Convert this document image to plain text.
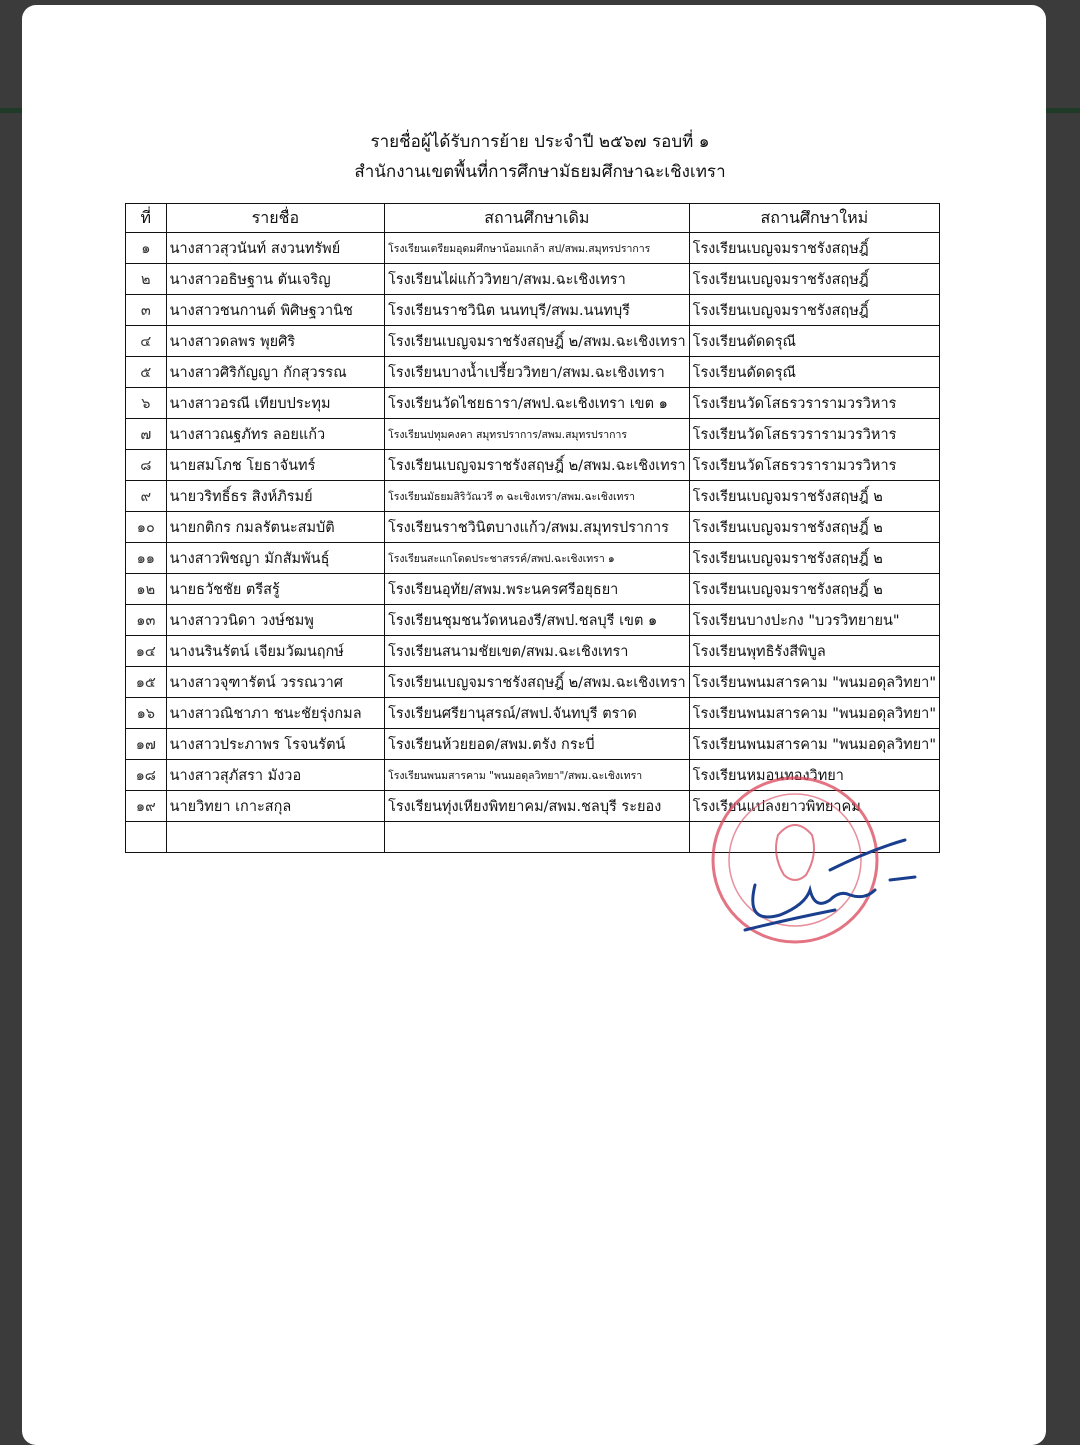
รายชื่อผู้ได้รับการย้าย ประจำปี ๒๕๖๗ รอบที่ ๑
สำนักงานเขตพื้นที่การศึกษามัธยมศึกษาฉะเชิงเทรา
ที่	รายชื่อ	สถานศึกษาเดิม	สถานศึกษาใหม่
๑	นางสาวสุวนันท์ สงวนทรัพย์	โรงเรียนเตรียมอุดมศึกษาน้อมเกล้า สป/สพม.สมุทรปราการ	โรงเรียนเบญจมราชรังสฤษฎิ์
๒	นางสาวอธิษฐาน ตันเจริญ	โรงเรียนไผ่แก้ววิทยา/สพม.ฉะเชิงเทรา	โรงเรียนเบญจมราชรังสฤษฎิ์
๓	นางสาวชนกานต์ พิศิษฐวานิช	โรงเรียนราชวินิต นนทบุรี/สพม.นนทบุรี	โรงเรียนเบญจมราชรังสฤษฎิ์
๔	นางสาวดลพร พุยศิริ	โรงเรียนเบญจมราชรังสฤษฎิ์ ๒/สพม.ฉะเชิงเทรา	โรงเรียนดัดดรุณี
๕	นางสาวศิริกัญญา กักสุวรรณ	โรงเรียนบางน้ำเปรี้ยววิทยา/สพม.ฉะเชิงเทรา	โรงเรียนดัดดรุณี
๖	นางสาวอรณี เทียบประทุม	โรงเรียนวัดไชยธารา/สพป.ฉะเชิงเทรา เขต ๑	โรงเรียนวัดโสธรวรารามวรวิหาร
๗	นางสาวณฐภัทร ลอยแก้ว	โรงเรียนปทุมคงคา สมุทรปราการ/สพม.สมุทรปราการ	โรงเรียนวัดโสธรวรารามวรวิหาร
๘	นายสมโภช โยธาจันทร์	โรงเรียนเบญจมราชรังสฤษฎิ์ ๒/สพม.ฉะเชิงเทรา	โรงเรียนวัดโสธรวรารามวรวิหาร
๙	นายวริทธิ์ธร สิงห์ภิรมย์	โรงเรียนมัธยมสิริวัณวรี ๓ ฉะเชิงเทรา/สพม.ฉะเชิงเทรา	โรงเรียนเบญจมราชรังสฤษฎิ์ ๒
๑๐	นายกติกร กมลรัตนะสมบัติ	โรงเรียนราชวินิตบางแก้ว/สพม.สมุทรปราการ	โรงเรียนเบญจมราชรังสฤษฎิ์ ๒
๑๑	นางสาวพิชญา มักสัมพันธุ์	โรงเรียนสะแกโดดประชาสรรค์/สพป.ฉะเชิงเทรา ๑	โรงเรียนเบญจมราชรังสฤษฎิ์ ๒
๑๒	นายธวัชชัย ตรีสรู้	โรงเรียนอุทัย/สพม.พระนครศรีอยุธยา	โรงเรียนเบญจมราชรังสฤษฎิ์ ๒
๑๓	นางสาววนิดา วงษ์ชมพู	โรงเรียนชุมชนวัดหนองรี/สพป.ชลบุรี เขต ๑	โรงเรียนบางปะกง "บวรวิทยายน"
๑๔	นางนรินรัตน์ เจียมวัฒนฤกษ์	โรงเรียนสนามชัยเขต/สพม.ฉะเชิงเทรา	โรงเรียนพุทธิรังสีพิบูล
๑๕	นางสาวจุฑารัตน์ วรรณวาศ	โรงเรียนเบญจมราชรังสฤษฎิ์ ๒/สพม.ฉะเชิงเทรา	โรงเรียนพนมสารคาม "พนมอดุลวิทยา"
๑๖	นางสาวณิชาภา ชนะชัยรุ่งกมล	โรงเรียนศรียานุสรณ์/สพป.จันทบุรี ตราด	โรงเรียนพนมสารคาม "พนมอดุลวิทยา"
๑๗	นางสาวประภาพร โรจนรัตน์	โรงเรียนห้วยยอด/สพม.ตรัง กระบี่	โรงเรียนพนมสารคาม "พนมอดุลวิทยา"
๑๘	นางสาวสุภัสรา มังวอ	โรงเรียนพนมสารคาม "พนมอดุลวิทยา"/สพม.ฉะเชิงเทรา	โรงเรียนหมอนทองวิทยา
๑๙	นายวิทยา เกาะสกุล	โรงเรียนทุ่งเหียงพิทยาคม/สพม.ชลบุรี ระยอง	โรงเรียนแปลงยาวพิทยาคม
